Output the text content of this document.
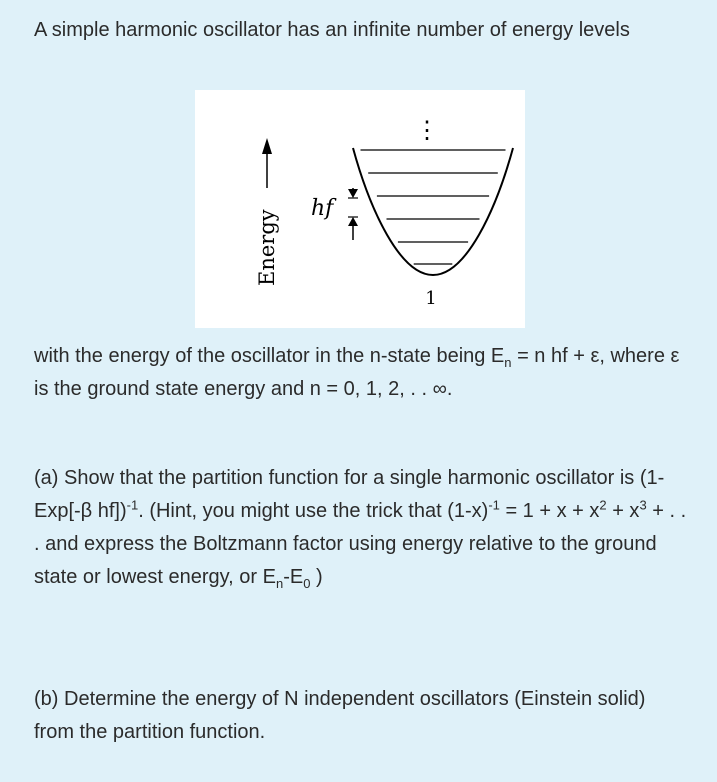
A simple harmonic oscillator has an infinite number of energy levels

⋮
hf
Energy
1

with the energy of the oscillator in the n-state being $E_n = n$ hf + ε, where ε is the ground state energy and n = 0, 1, 2, . . ∞.

(a) Show that the partition function for a single harmonic oscillator is (1-Exp[-β hf])$^{-1}$. (Hint, you might use the trick that $(1-x)^{-1} = 1 + x + x^2 + x^3$ + . . . and express the Boltzmann factor using energy relative to the ground state or lowest energy, or $E_n-E_0$ )

(b) Determine the energy of N independent oscillators (Einstein solid) from the partition function.
